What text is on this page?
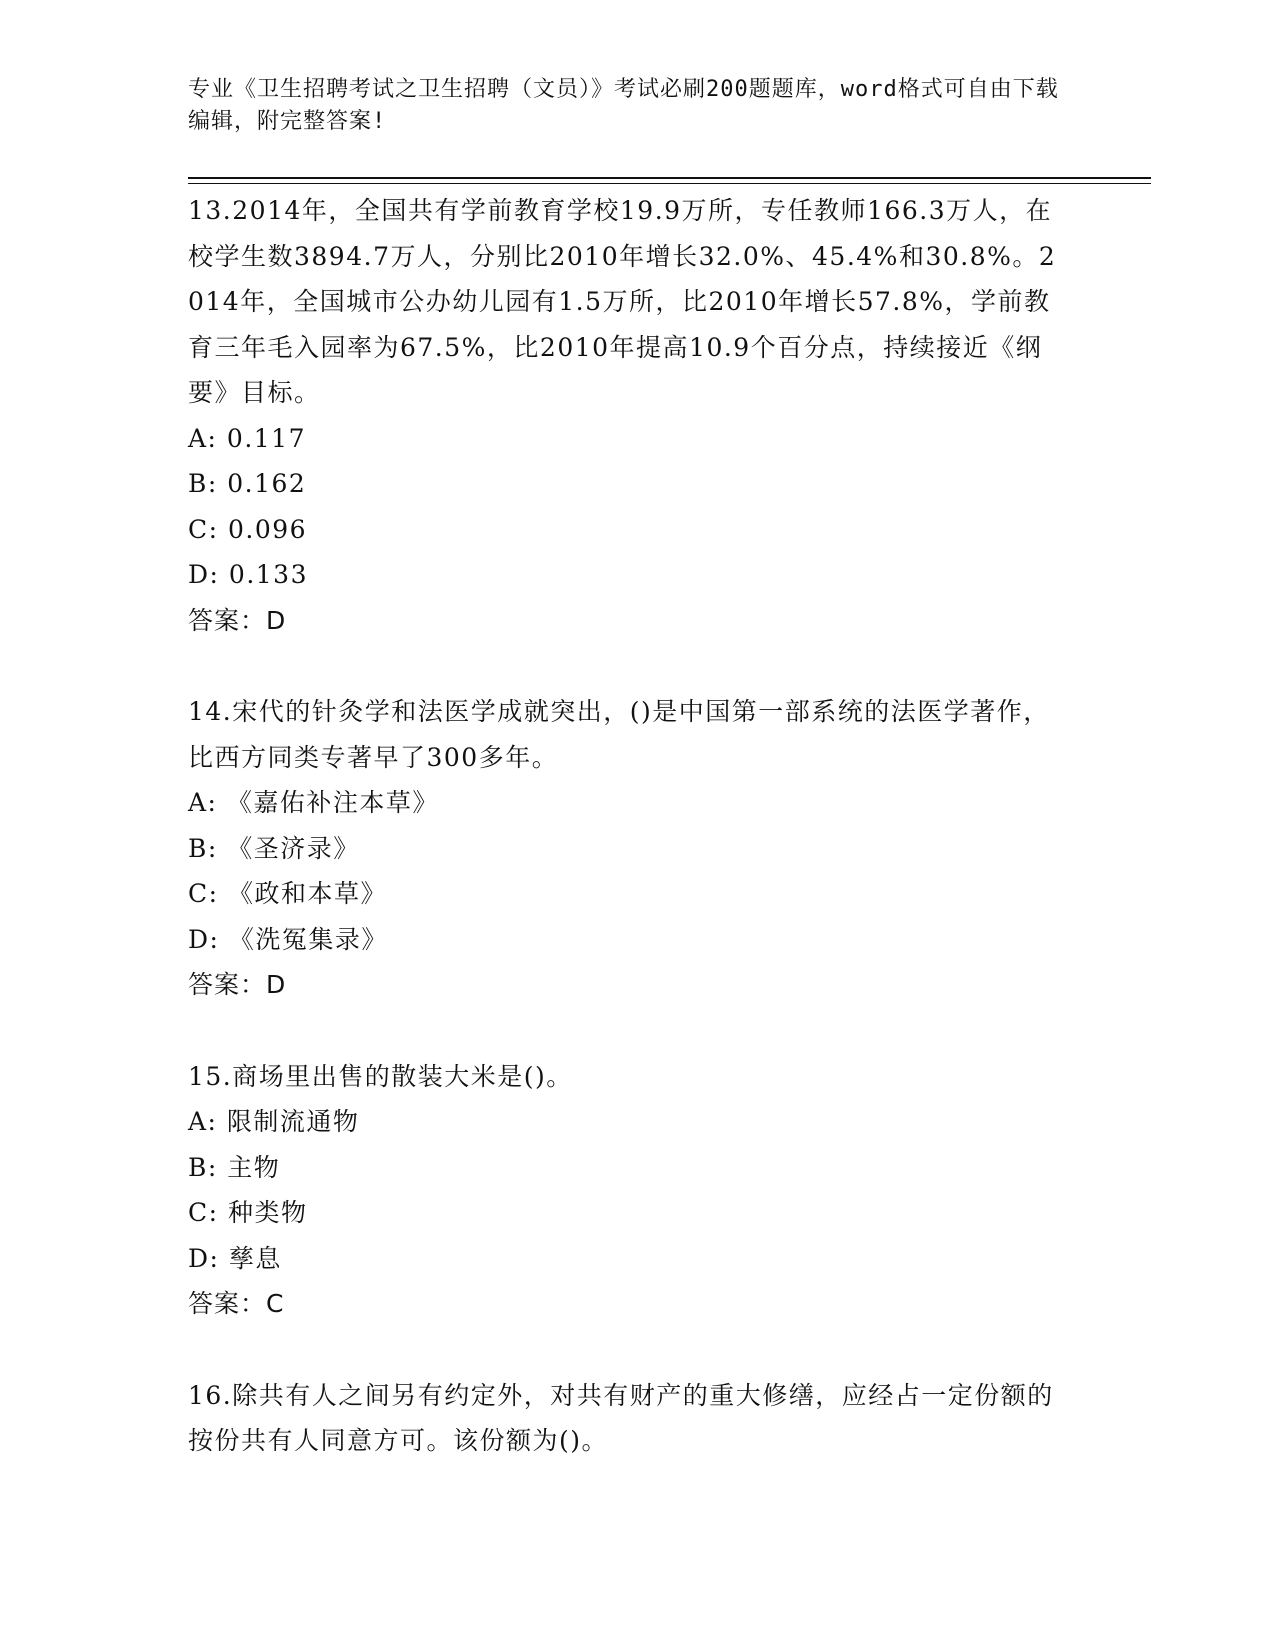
专业《卫生招聘考试之卫生招聘（文员）》考试必刷200题题库，word格式可自由下载编辑，附完整答案!

13.2014年，全国共有学前教育学校19.9万所，专任教师166.3万人，在校学生数3894.7万人，分别比2010年增长32.0%、45.4%和30.8%。2014年，全国城市公办幼儿园有1.5万所，比2010年增长57.8%，学前教育三年毛入园率为67.5%，比2010年提高10.9个百分点，持续接近《纲要》目标。

A: 0.117

B: 0.162

C: 0.096

D: 0.133

答案：D

14.宋代的针灸学和法医学成就突出，()是中国第一部系统的法医学著作，比西方同类专著早了300多年。

A: 《嘉佑补注本草》

B: 《圣济录》

C: 《政和本草》

D: 《洗冤集录》

答案：D

15.商场里出售的散装大米是()。

A: 限制流通物

B: 主物

C: 种类物

D: 孳息

答案：C

16.除共有人之间另有约定外，对共有财产的重大修缮，应经占一定份额的按份共有人同意方可。该份额为()。
